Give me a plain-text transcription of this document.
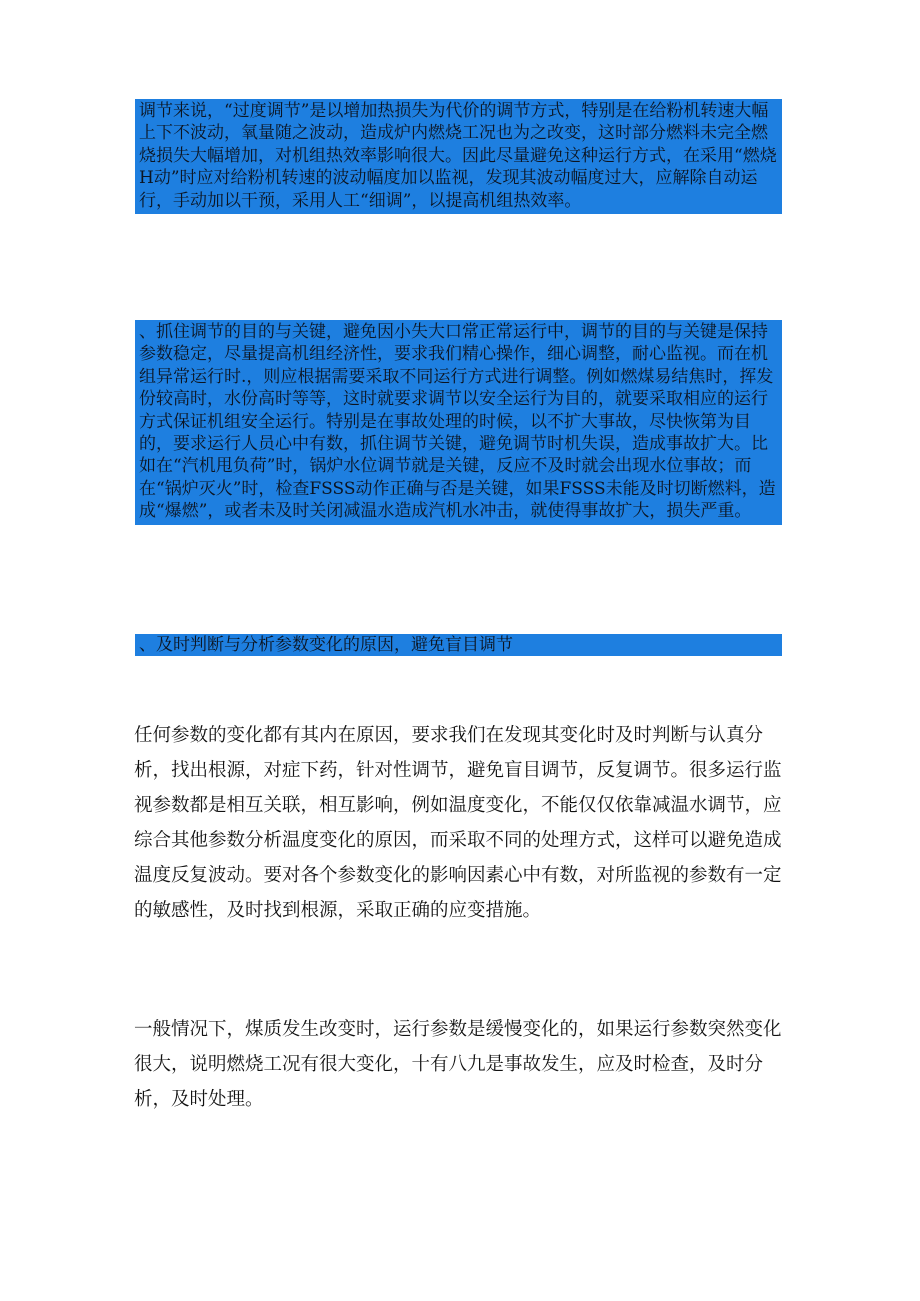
调节来说，“过度调节”是以增加热损失为代价的调节方式，特别是在给粉机转速大幅上下不波动，氧量随之波动，造成炉内燃烧工况也为之改变，这时部分燃料未完全燃烧损失大幅增加，对机组热效率影响很大。因此尽量避免这种运行方式，在采用“燃烧H动”时应对给粉机转速的波动幅度加以监视，发现其波动幅度过大，应解除自动运行，手动加以干预，采用人工“细调”，以提高机组热效率。

、抓住调节的目的与关键，避免因小失大口常正常运行中，调节的目的与关键是保持参数稳定，尽量提高机组经济性，要求我们精心操作，细心调整，耐心监视。而在机组异常运行时.，则应根据需要采取不同运行方式进行调整。例如燃煤易结焦时，挥发份较高时，水份高时等等，这时就要求调节以安全运行为目的，就要采取相应的运行方式保证机组安全运行。特别是在事故处理的时候，以不扩大事故，尽快恢第为目的，要求运行人员心中有数，抓住调节关键，避免调节时机失误，造成事故扩大。比如在“汽机甩负荷”时，锅炉水位调节就是关键，反应不及时就会出现水位事故；而在“锅炉灭火”时，检查FSSS动作正确与否是关键，如果FSSS未能及时切断燃料，造成“爆燃”，或者未及时关闭减温水造成汽机水冲击，就使得事故扩大，损失严重。

、及时判断与分析参数变化的原因，避免盲目调节

任何参数的变化都有其内在原因，要求我们在发现其变化时及时判断与认真分析，找出根源，对症下药，针对性调节，避免盲目调节，反复调节。很多运行监视参数都是相互关联，相互影响，例如温度变化，不能仅仅依靠减温水调节，应综合其他参数分析温度变化的原因，而采取不同的处理方式，这样可以避免造成温度反复波动。要对各个参数变化的影响因素心中有数，对所监视的参数有一定的敏感性，及时找到根源，采取正确的应变措施。

一般情况下，煤质发生改变时，运行参数是缓慢变化的，如果运行参数突然变化很大，说明燃烧工况有很大变化，十有八九是事故发生，应及时检查，及时分析，及时处理。
